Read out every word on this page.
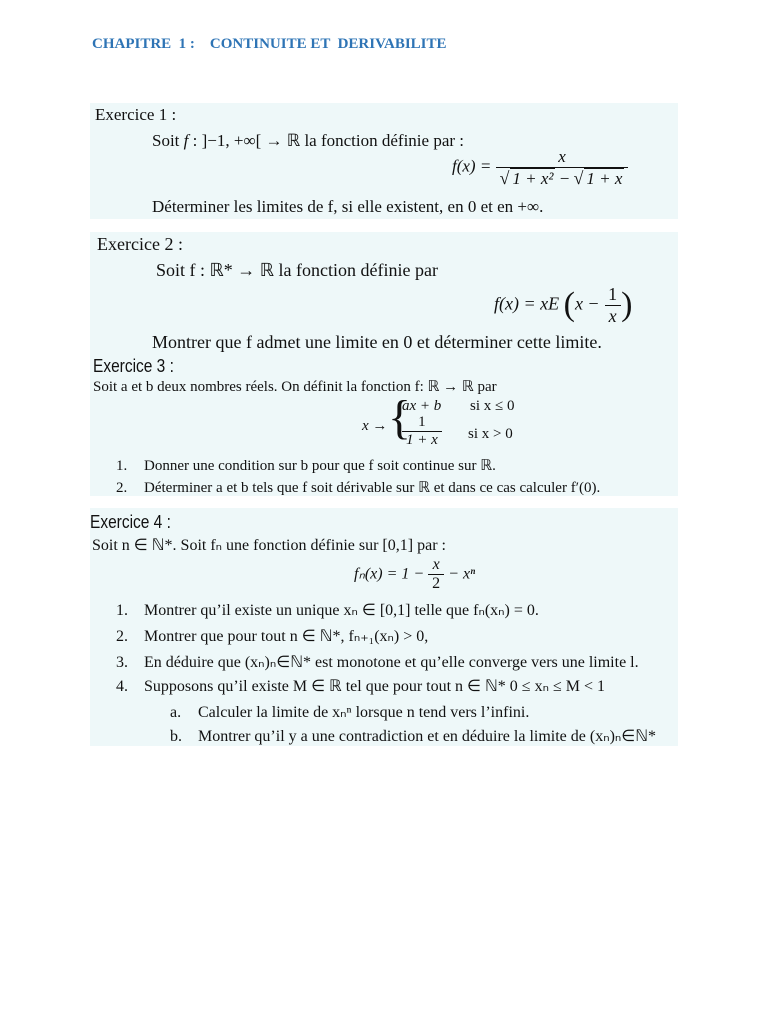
CHAPITRE  1 :    CONTINUITE ET  DERIVABILITE
Exercice 1 :
Soit f : ]−1, +∞[ → ℝ la fonction définie par :
$f(x) = \frac{x}{\text{√ 1 + x² − √ 1 + x}}$
Déterminer les limites de f, si elle existent, en 0 et en +∞.
Exercice 2 :
Soit f : ℝ* → ℝ la fonction définie par
f(x) = xE ($x - \frac{1}{x}$ )
Montrer que f admet une limite en 0 et déterminer cette limite.
Exercice 3 :
Soit a et b deux nombres réels. On définit la fonction f: ℝ → ℝ par
x → {
ax + b si x ≤ 0
$\frac{1}{1 + x}$ si x > 0
1. Donner une condition sur b pour que f soit continue sur ℝ.
2. Déterminer a et b tels que f soit dérivable sur ℝ et dans ce cas calculer f′(0).
Exercice 4 :
Soit n ∈ ℕ*. Soit fₙ une fonction définie sur [0,1] par :
$f_n(x) = 1 - \frac{x}{2} - x^n$
1. Montrer qu’il existe un unique xₙ ∈ [0,1] telle que fₙ(xₙ) = 0.
2. Montrer que pour tout n ∈ ℕ*, fₙ₊₁(xₙ) > 0,
3. En déduire que (xₙ)ₙ∈ℕ* est monotone et qu’elle converge vers une limite l.
4. Supposons qu’il existe M ∈ ℝ tel que pour tout n ∈ ℕ* 0 ≤ xₙ ≤ M < 1
a. Calculer la limite de xₙⁿ lorsque n tend vers l’infini.
b. Montrer qu’il y a une contradiction et en déduire la limite de (xₙ)ₙ∈ℕ*
